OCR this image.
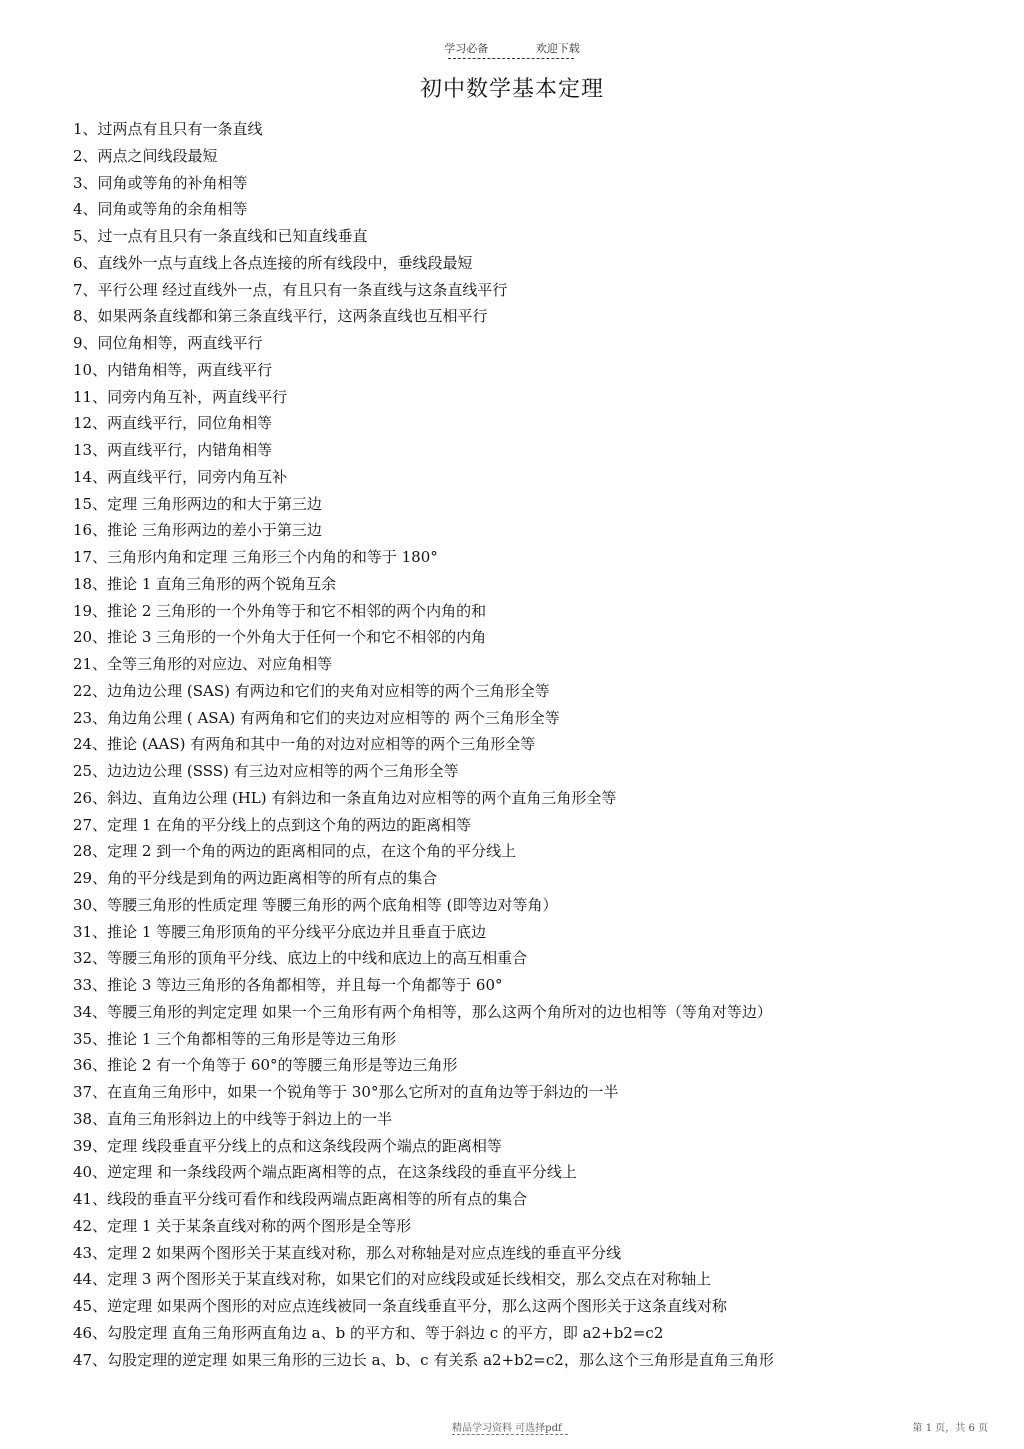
学习必备	欢迎下载
初中数学基本定理
1、过两点有且只有一条直线
2、两点之间线段最短
3、同角或等角的补角相等
4、同角或等角的余角相等
5、过一点有且只有一条直线和已知直线垂直
6、直线外一点与直线上各点连接的所有线段中，垂线段最短
7、平行公理 经过直线外一点，有且只有一条直线与这条直线平行
8、如果两条直线都和第三条直线平行，这两条直线也互相平行
9、同位角相等，两直线平行
10、内错角相等，两直线平行
11、同旁内角互补，两直线平行
12、两直线平行，同位角相等
13、两直线平行，内错角相等
14、两直线平行，同旁内角互补
15、定理 三角形两边的和大于第三边
16、推论 三角形两边的差小于第三边
17、三角形内角和定理 三角形三个内角的和等于 180°
18、推论 1 直角三角形的两个锐角互余
19、推论 2 三角形的一个外角等于和它不相邻的两个内角的和
20、推论 3 三角形的一个外角大于任何一个和它不相邻的内角
21、全等三角形的对应边、对应角相等
22、边角边公理 (SAS) 有两边和它们的夹角对应相等的两个三角形全等
23、角边角公理 ( ASA) 有两角和它们的夹边对应相等的 两个三角形全等
24、推论 (AAS) 有两角和其中一角的对边对应相等的两个三角形全等
25、边边边公理 (SSS) 有三边对应相等的两个三角形全等
26、斜边、直角边公理 (HL) 有斜边和一条直角边对应相等的两个直角三角形全等
27、定理 1 在角的平分线上的点到这个角的两边的距离相等
28、定理 2 到一个角的两边的距离相同的点，在这个角的平分线上
29、角的平分线是到角的两边距离相等的所有点的集合
30、等腰三角形的性质定理 等腰三角形的两个底角相等 (即等边对等角）
31、推论 1 等腰三角形顶角的平分线平分底边并且垂直于底边
32、等腰三角形的顶角平分线、底边上的中线和底边上的高互相重合
33、推论 3 等边三角形的各角都相等，并且每一个角都等于 60°
34、等腰三角形的判定定理 如果一个三角形有两个角相等，那么这两个角所对的边也相等（等角对等边）
35、推论 1 三个角都相等的三角形是等边三角形
36、推论 2 有一个角等于 60°的等腰三角形是等边三角形
37、在直角三角形中，如果一个锐角等于 30°那么它所对的直角边等于斜边的一半
38、直角三角形斜边上的中线等于斜边上的一半
39、定理 线段垂直平分线上的点和这条线段两个端点的距离相等
40、逆定理 和一条线段两个端点距离相等的点，在这条线段的垂直平分线上
41、线段的垂直平分线可看作和线段两端点距离相等的所有点的集合
42、定理 1 关于某条直线对称的两个图形是全等形
43、定理 2 如果两个图形关于某直线对称，那么对称轴是对应点连线的垂直平分线
44、定理 3 两个图形关于某直线对称，如果它们的对应线段或延长线相交，那么交点在对称轴上
45、逆定理 如果两个图形的对应点连线被同一条直线垂直平分，那么这两个图形关于这条直线对称
46、勾股定理 直角三角形两直角边 a、b 的平方和、等于斜边 c 的平方，即 a2+b2=c2
47、勾股定理的逆定理 如果三角形的三边长 a、b、c 有关系 a2+b2=c2，那么这个三角形是直角三角形
精品学习资料 可选择pdf	第 1 页，共 6 页
